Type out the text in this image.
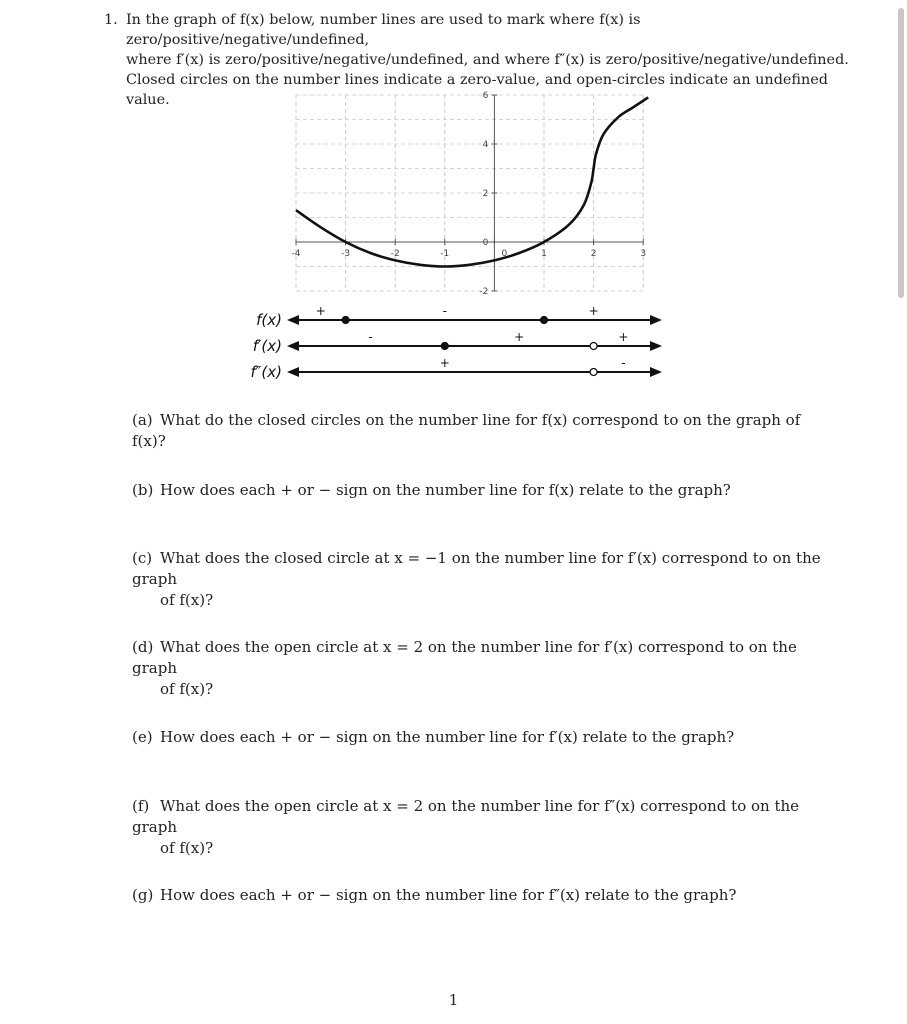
1. In the graph of f(x) below, number lines are used to mark where f(x) is zero/positive/negative/undefined,

where f′(x) is zero/positive/negative/undefined, and where f″(x) is zero/positive/negative/undefined.

Closed circles on the number lines indicate a zero-value, and open-circles indicate an undefined value.

-4	-3	-2	-1	0	1	2	3
-2
0
2
4
6
f(x)	+	-	+
f′(x)	-	+	+
f″(x)	+	-

(a) What do the closed circles on the number line for f(x) correspond to on the graph of f(x)?

(b) How does each + or − sign on the number line for f(x) relate to the graph?

(c) What does the closed circle at x = −1 on the number line for f′(x) correspond to on the graph
of f(x)?

(d) What does the open circle at x = 2 on the number line for f′(x) correspond to on the graph
of f(x)?

(e) How does each + or − sign on the number line for f′(x) relate to the graph?

(f) What does the open circle at x = 2 on the number line for f″(x) correspond to on the graph
of f(x)?

(g) How does each + or − sign on the number line for f″(x) relate to the graph?

1
